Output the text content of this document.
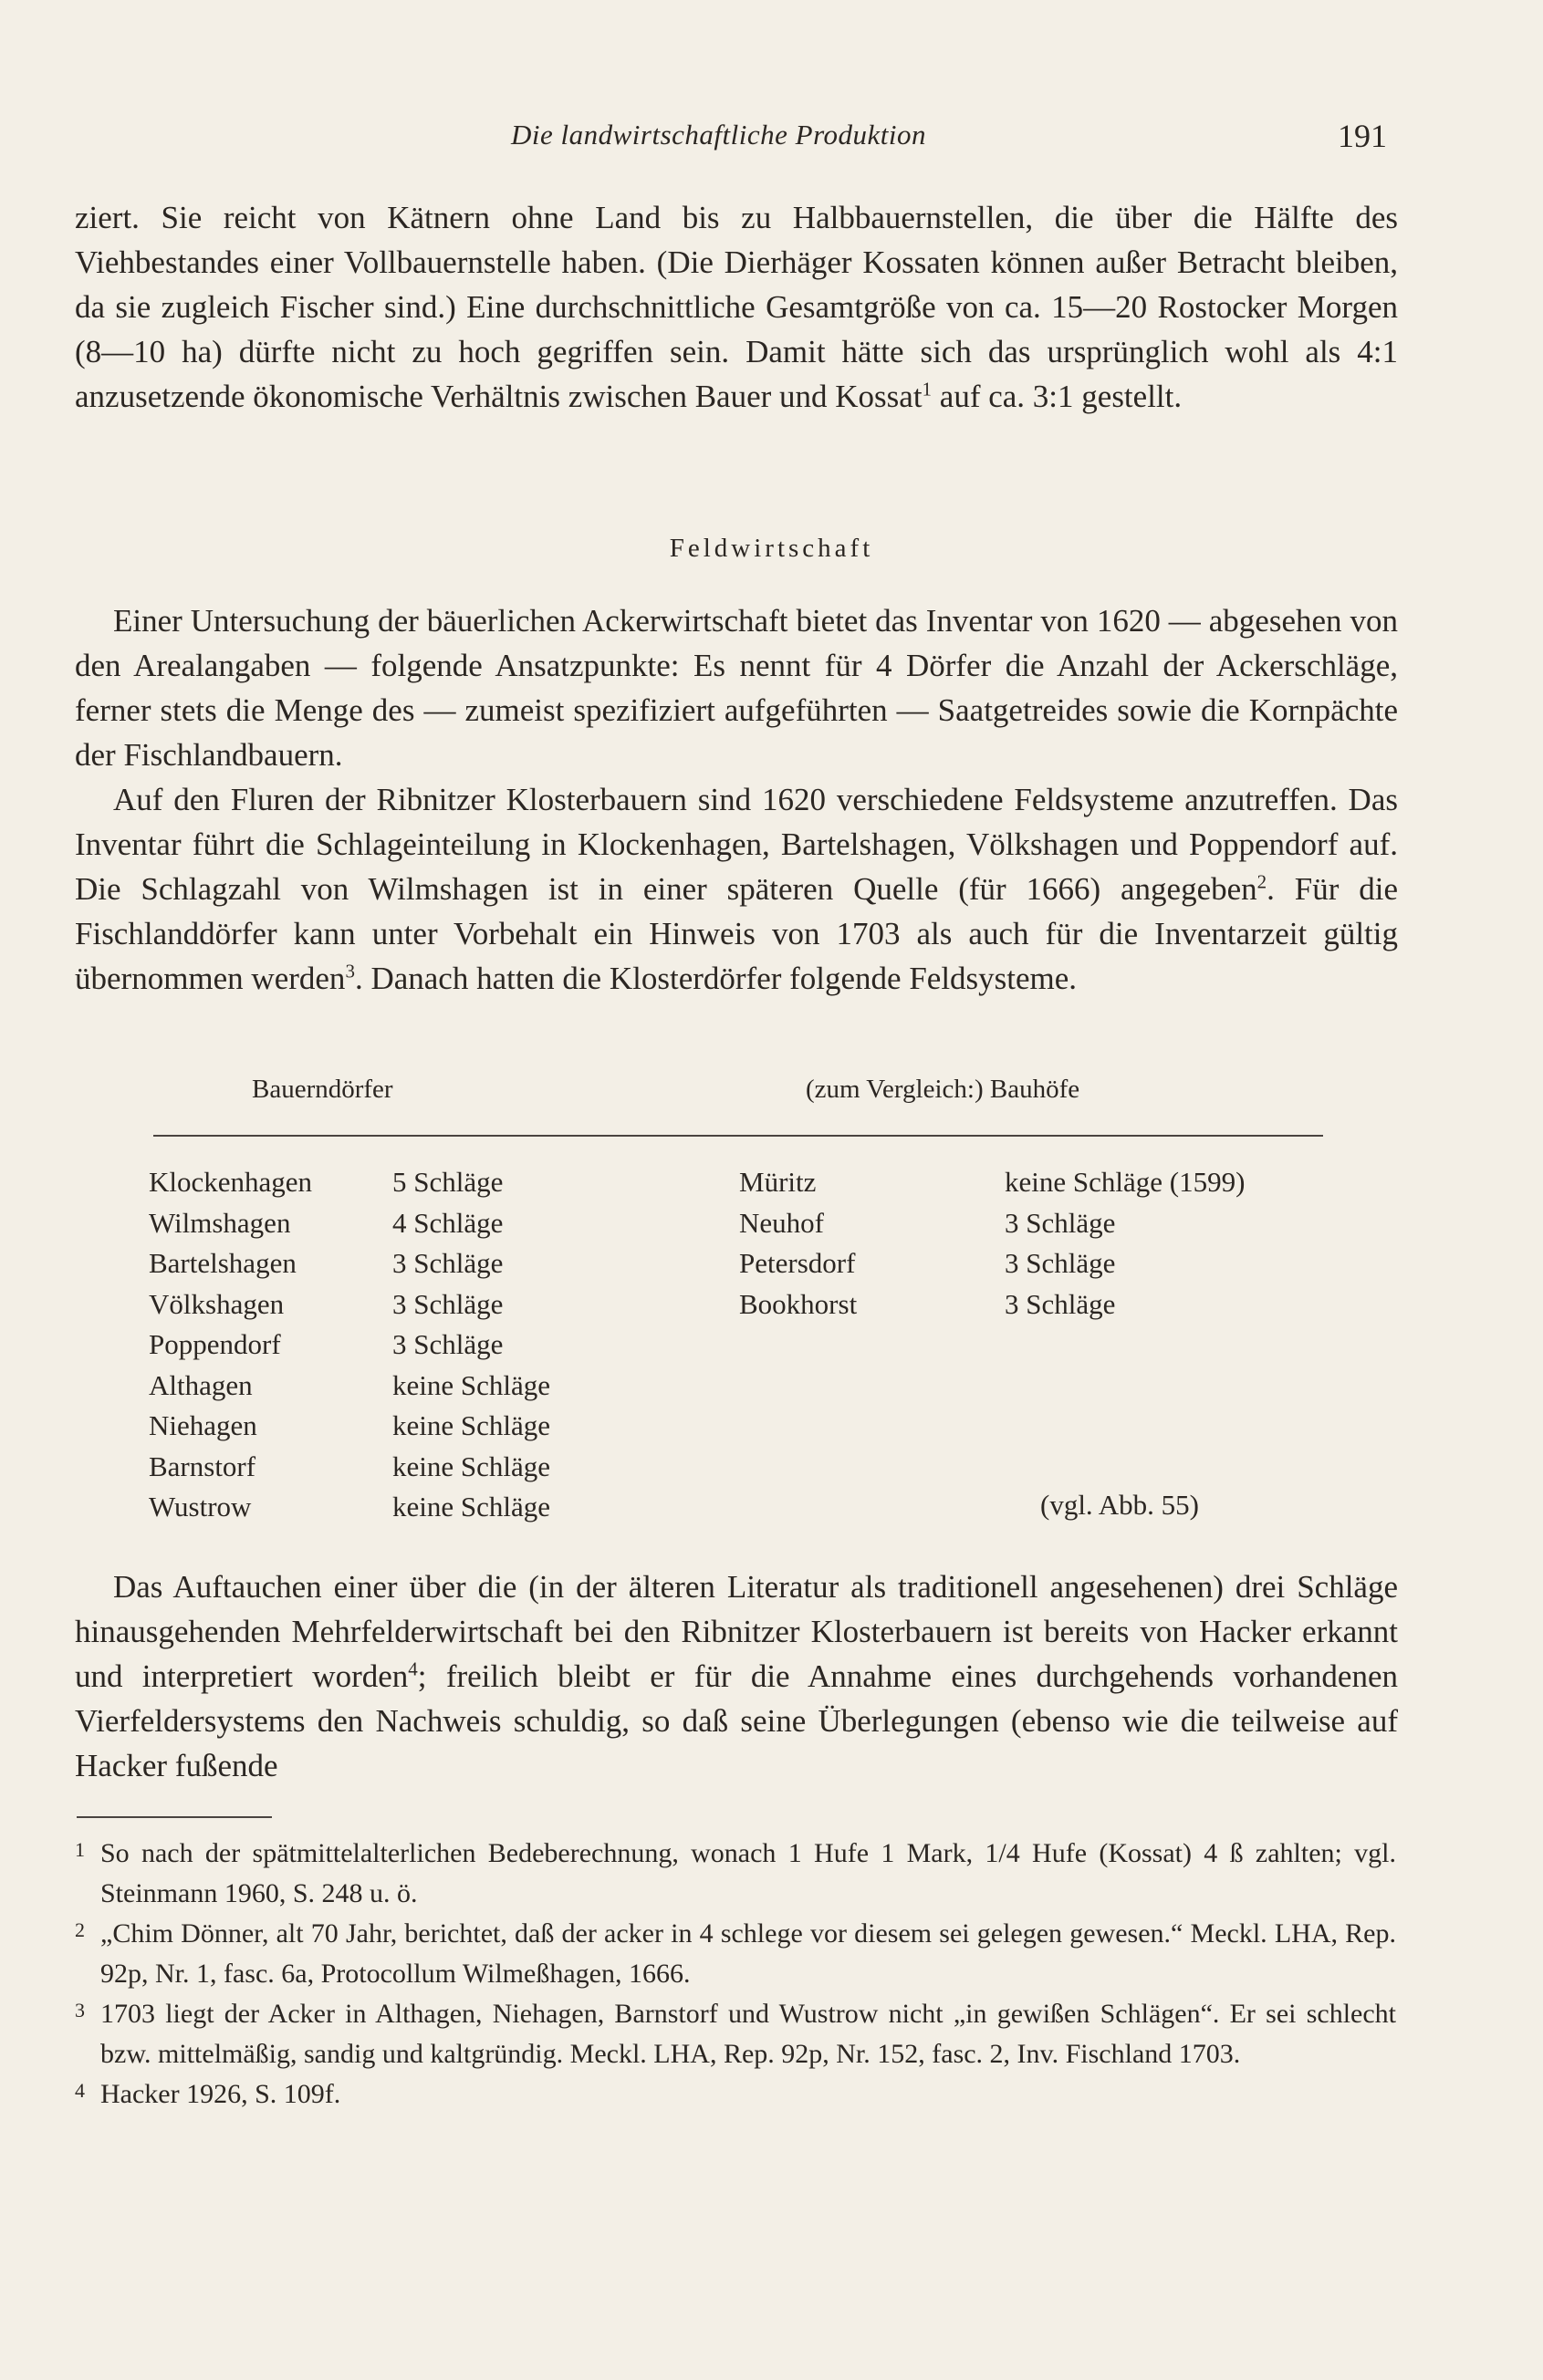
Die landwirtschaftliche Produktion	191
ziert. Sie reicht von Kätnern ohne Land bis zu Halbbauernstellen, die über die Hälfte des Viehbestandes einer Vollbauernstelle haben. (Die Dierhäger Kossaten können außer Betracht bleiben, da sie zugleich Fischer sind.) Eine durchschnittliche Gesamtgröße von ca. 15—20 Rostocker Morgen (8—10 ha) dürfte nicht zu hoch gegriffen sein. Damit hätte sich das ursprünglich wohl als 4:1 anzusetzende ökonomische Verhältnis zwischen Bauer und Kossat$^1$ auf ca. 3:1 gestellt.
Feldwirtschaft
Einer Untersuchung der bäuerlichen Ackerwirtschaft bietet das Inventar von 1620 — abgesehen von den Arealangaben — folgende Ansatzpunkte: Es nennt für 4 Dörfer die Anzahl der Ackerschläge, ferner stets die Menge des — zumeist spezifiziert aufgeführten — Saatgetreides sowie die Kornpächte der Fischlandbauern.
Auf den Fluren der Ribnitzer Klosterbauern sind 1620 verschiedene Feldsysteme anzutreffen. Das Inventar führt die Schlageinteilung in Klockenhagen, Bartelshagen, Völkshagen und Poppendorf auf. Die Schlagzahl von Wilmshagen ist in einer späteren Quelle (für 1666) angegeben$^2$. Für die Fischlanddörfer kann unter Vorbehalt ein Hinweis von 1703 als auch für die Inventarzeit gültig übernommen werden$^3$. Danach hatten die Klosterdörfer folgende Feldsysteme.
Bauerndörfer	(zum Vergleich:) Bauhöfe
Klockenhagen
Wilmshagen
Bartelshagen
Völkshagen
Poppendorf
Althagen
Niehagen
Barnstorf
Wustrow
5 Schläge
4 Schläge
3 Schläge
3 Schläge
3 Schläge
keine Schläge
keine Schläge
keine Schläge
keine Schläge
Müritz
Neuhof
Petersdorf
Bookhorst
keine Schläge (1599)
3 Schläge
3 Schläge
3 Schläge
(vgl. Abb. 55)
Das Auftauchen einer über die (in der älteren Literatur als traditionell angesehenen) drei Schläge hinausgehenden Mehrfelderwirtschaft bei den Ribnitzer Klosterbauern ist bereits von Hacker erkannt und interpretiert worden$^4$; freilich bleibt er für die Annahme eines durchgehends vorhandenen Vierfeldersystems den Nachweis schuldig, so daß seine Überlegungen (ebenso wie die teilweise auf Hacker fußende

1 So nach der spätmittelalterlichen Bedeberechnung, wonach 1 Hufe 1 Mark, 1/4 Hufe (Kossat) 4 ß zahlten; vgl. Steinmann 1960, S. 248 u. ö.

2 „Chim Dönner, alt 70 Jahr, berichtet, daß der acker in 4 schlege vor diesem sei gelegen gewesen.“ Meckl. LHA, Rep. 92p, Nr. 1, fasc. 6a, Protocollum Wilmeßhagen, 1666.

3 1703 liegt der Acker in Althagen, Niehagen, Barnstorf und Wustrow nicht „in gewißen Schlägen“. Er sei schlecht bzw. mittelmäßig, sandig und kaltgründig. Meckl. LHA, Rep. 92p, Nr. 152, fasc. 2, Inv. Fischland 1703.

4 Hacker 1926, S. 109f.
